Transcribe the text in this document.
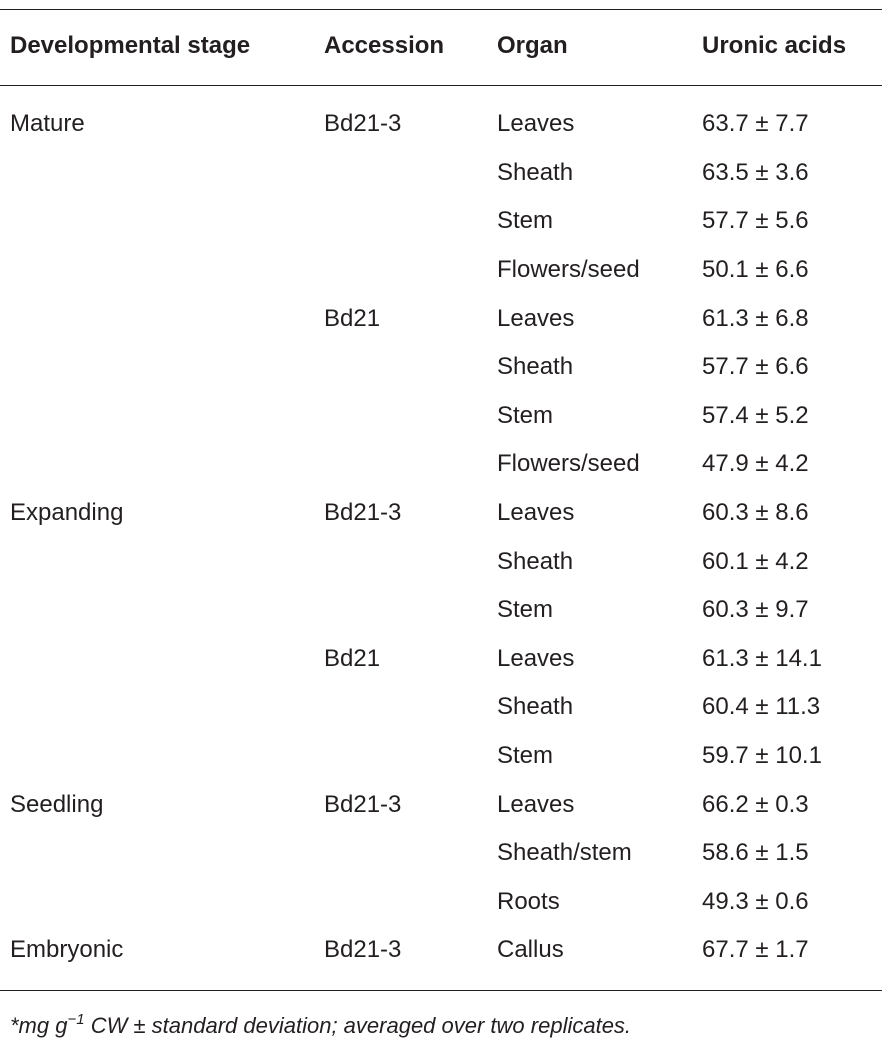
Developmental stage	Accession	Organ	Uronic acids
Mature	Bd21-3	Leaves	63.7 ± 7.7
		Sheath	63.5 ± 3.6
		Stem	57.7 ± 5.6
		Flowers/seed	50.1 ± 6.6
	Bd21	Leaves	61.3 ± 6.8
		Sheath	57.7 ± 6.6
		Stem	57.4 ± 5.2
		Flowers/seed	47.9 ± 4.2
Expanding	Bd21-3	Leaves	60.3 ± 8.6
		Sheath	60.1 ± 4.2
		Stem	60.3 ± 9.7
	Bd21	Leaves	61.3 ± 14.1
		Sheath	60.4 ± 11.3
		Stem	59.7 ± 10.1
Seedling	Bd21-3	Leaves	66.2 ± 0.3
		Sheath/stem	58.6 ± 1.5
		Roots	49.3 ± 0.6
Embryonic	Bd21-3	Callus	67.7 ± 1.7
*mg $g^{-1}$ CW ± standard deviation; averaged over two replicates.
